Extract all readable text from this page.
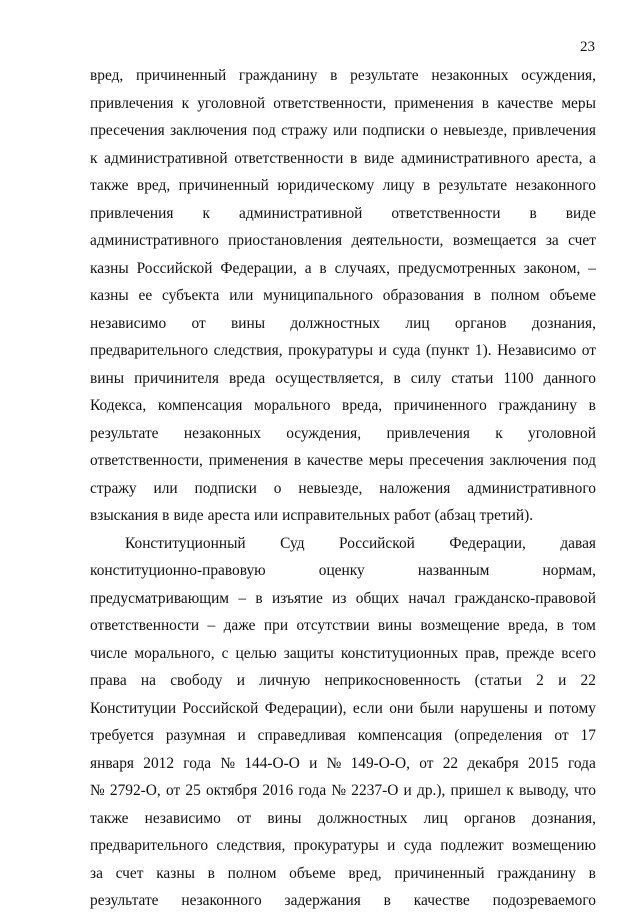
23
вред, причиненный гражданину в результате незаконных осуждения,
привлечения к уголовной ответственности, применения в качестве меры
пресечения заключения под стражу или подписки о невыезде, привлечения
к административной ответственности в виде административного ареста, а
также вред, причиненный юридическому лицу в результате незаконного
привлечения к административной ответственности в виде
административного приостановления деятельности, возмещается за счет
казны Российской Федерации, а в случаях, предусмотренных законом, –
казны ее субъекта или муниципального образования в полном объеме
независимо от вины должностных лиц органов дознания,
предварительного следствия, прокуратуры и суда (пункт 1). Независимо от
вины причинителя вреда осуществляется, в силу статьи 1100 данного
Кодекса, компенсация морального вреда, причиненного гражданину в
результате незаконных осуждения, привлечения к уголовной
ответственности, применения в качестве меры пресечения заключения под
стражу или подписки о невыезде, наложения административного
взыскания в виде ареста или исправительных работ (абзац третий).
Конституционный Суд Российской Федерации, давая
конституционно-правовую	оценку	названным	нормам,
предусматривающим – в изъятие из общих начал гражданско-правовой
ответственности – даже при отсутствии вины возмещение вреда, в том
числе морального, с целью защиты конституционных прав, прежде всего
права на свободу и личную неприкосновенность (статьи 2 и 22
Конституции Российской Федерации), если они были нарушены и потому
требуется разумная и справедливая компенсация (определения от 17
января 2012 года № 144-О-О и № 149-О-О, от 22 декабря 2015 года
№ 2792-О, от 25 октября 2016 года № 2237-О и др.), пришел к выводу, что
также независимо от вины должностных лиц органов дознания,
предварительного следствия, прокуратуры и суда подлежит возмещению
за счет казны в полном объеме вред, причиненный гражданину в
результате незаконного задержания в качестве подозреваемого
